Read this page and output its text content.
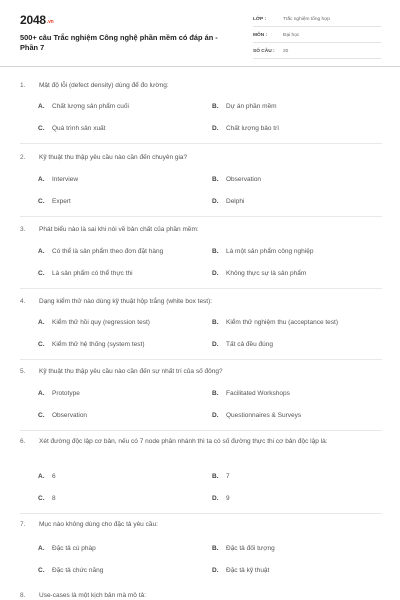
2048.vn
500+ câu Trắc nghiệm Công nghệ phần mềm có đáp án - Phần 7
LỚP :	Trắc nghiệm tổng hợp
MÔN :	Đại học
SỐ CÂU : 20
1. Mật độ lỗi (defect density) dùng để đo lường:
A. Chất lượng sản phẩm cuối	B. Dự án phần mềm
C. Quá trình sản xuất	D. Chất lượng bảo trì
2. Kỹ thuật thu thập yêu cầu nào cần đến chuyên gia?
A. Interview	B. Observation
C. Expert	D. Delphi
3. Phát biểu nào là sai khi nói về bản chất của phần mềm:
A. Có thể là sản phẩm theo đơn đặt hàng	B. Là một sản phẩm công nghiệp
C. Là sản phẩm có thể thực thi	D. Không thực sự là sản phẩm
4. Dạng kiểm thử nào dùng kỹ thuật hộp trắng (white box test):
A. Kiểm thử hồi quy (regression test)	B. Kiểm thử nghiệm thu (acceptance test)
C. Kiểm thử hệ thống (system test)	D. Tất cả đều đúng
5. Kỹ thuật thu thập yêu cầu nào cần đến sự nhất trí của số đông?
A. Prototype	B. Facilitated Workshops
C. Observation	D. Questionnaires & Surveys
6. Xét đường độc lập cơ bản, nếu có 7 node phân nhánh thì ta có số đường thực thi cơ bản độc lập là:
A. 6	B. 7
C. 8	D. 9
7. Mục nào không dùng cho đặc tả yêu cầu:
A. Đặc tả cú pháp	B. Đặc tả đối tượng
C. Đặc tả chức năng	D. Đặc tả kỹ thuật
8. Use-cases là một kịch bản mà mô tả:
